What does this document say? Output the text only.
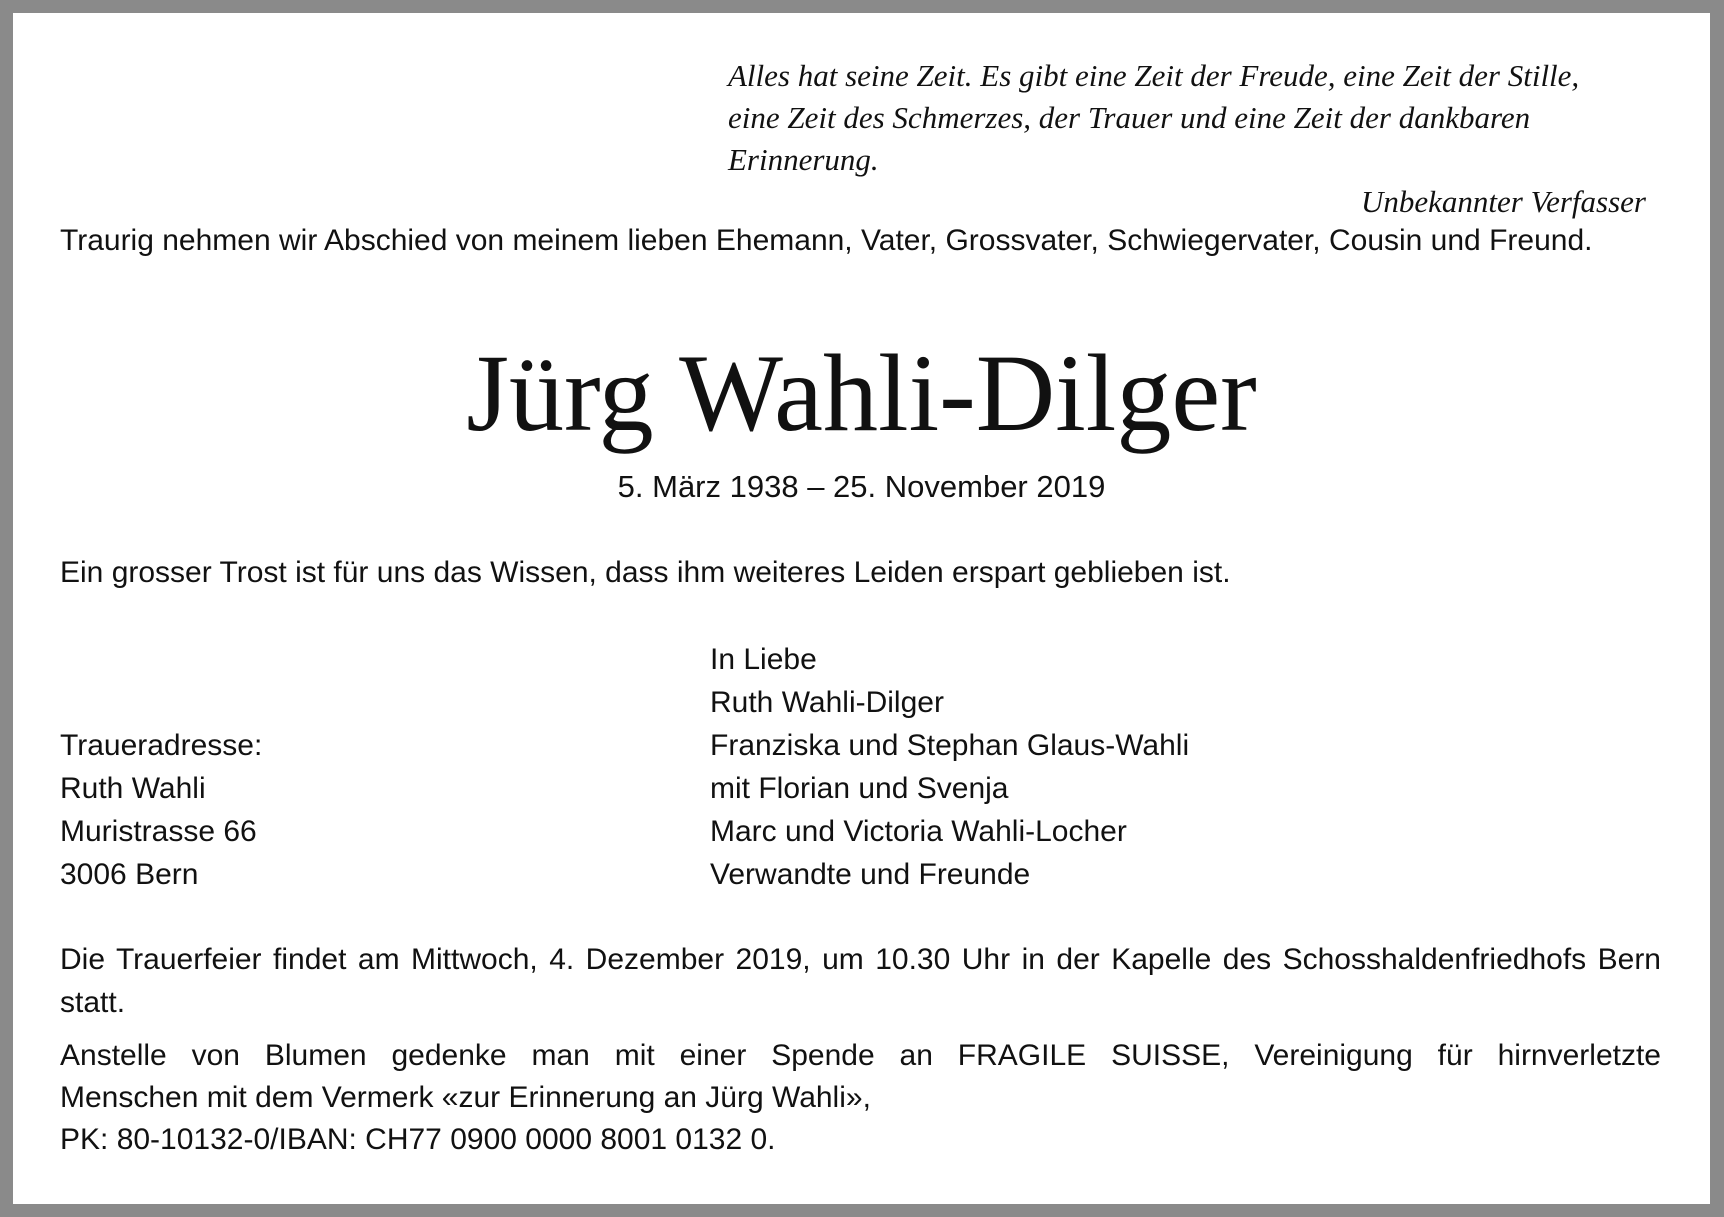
Alles hat seine Zeit. Es gibt eine Zeit der Freude, eine Zeit der Stille,
eine Zeit des Schmerzes, der Trauer und eine Zeit der dankbaren Erinnerung.
Unbekannter Verfasser
Traurig nehmen wir Abschied von meinem lieben Ehemann, Vater, Grossvater, Schwiegervater, Cousin und Freund.
Jürg Wahli-Dilger
5. März 1938 – 25. November 2019
Ein grosser Trost ist für uns das Wissen, dass ihm weiteres Leiden erspart geblieben ist.
In Liebe
Ruth Wahli-Dilger
Franziska und Stephan Glaus-Wahli
mit Florian und Svenja
Marc und Victoria Wahli-Locher
Verwandte und Freunde
Traueradresse:
Ruth Wahli
Muristrasse 66
3006 Bern
Die Trauerfeier findet am Mittwoch, 4. Dezember 2019, um 10.30 Uhr in der Kapelle des Schosshaldenfriedhofs Bern statt.
Anstelle von Blumen gedenke man mit einer Spende an FRAGILE SUISSE, Vereinigung für hirnverletzte
Menschen mit dem Vermerk «zur Erinnerung an Jürg Wahli»,
PK: 80-10132-0/IBAN: CH77 0900 0000 8001 0132 0.
